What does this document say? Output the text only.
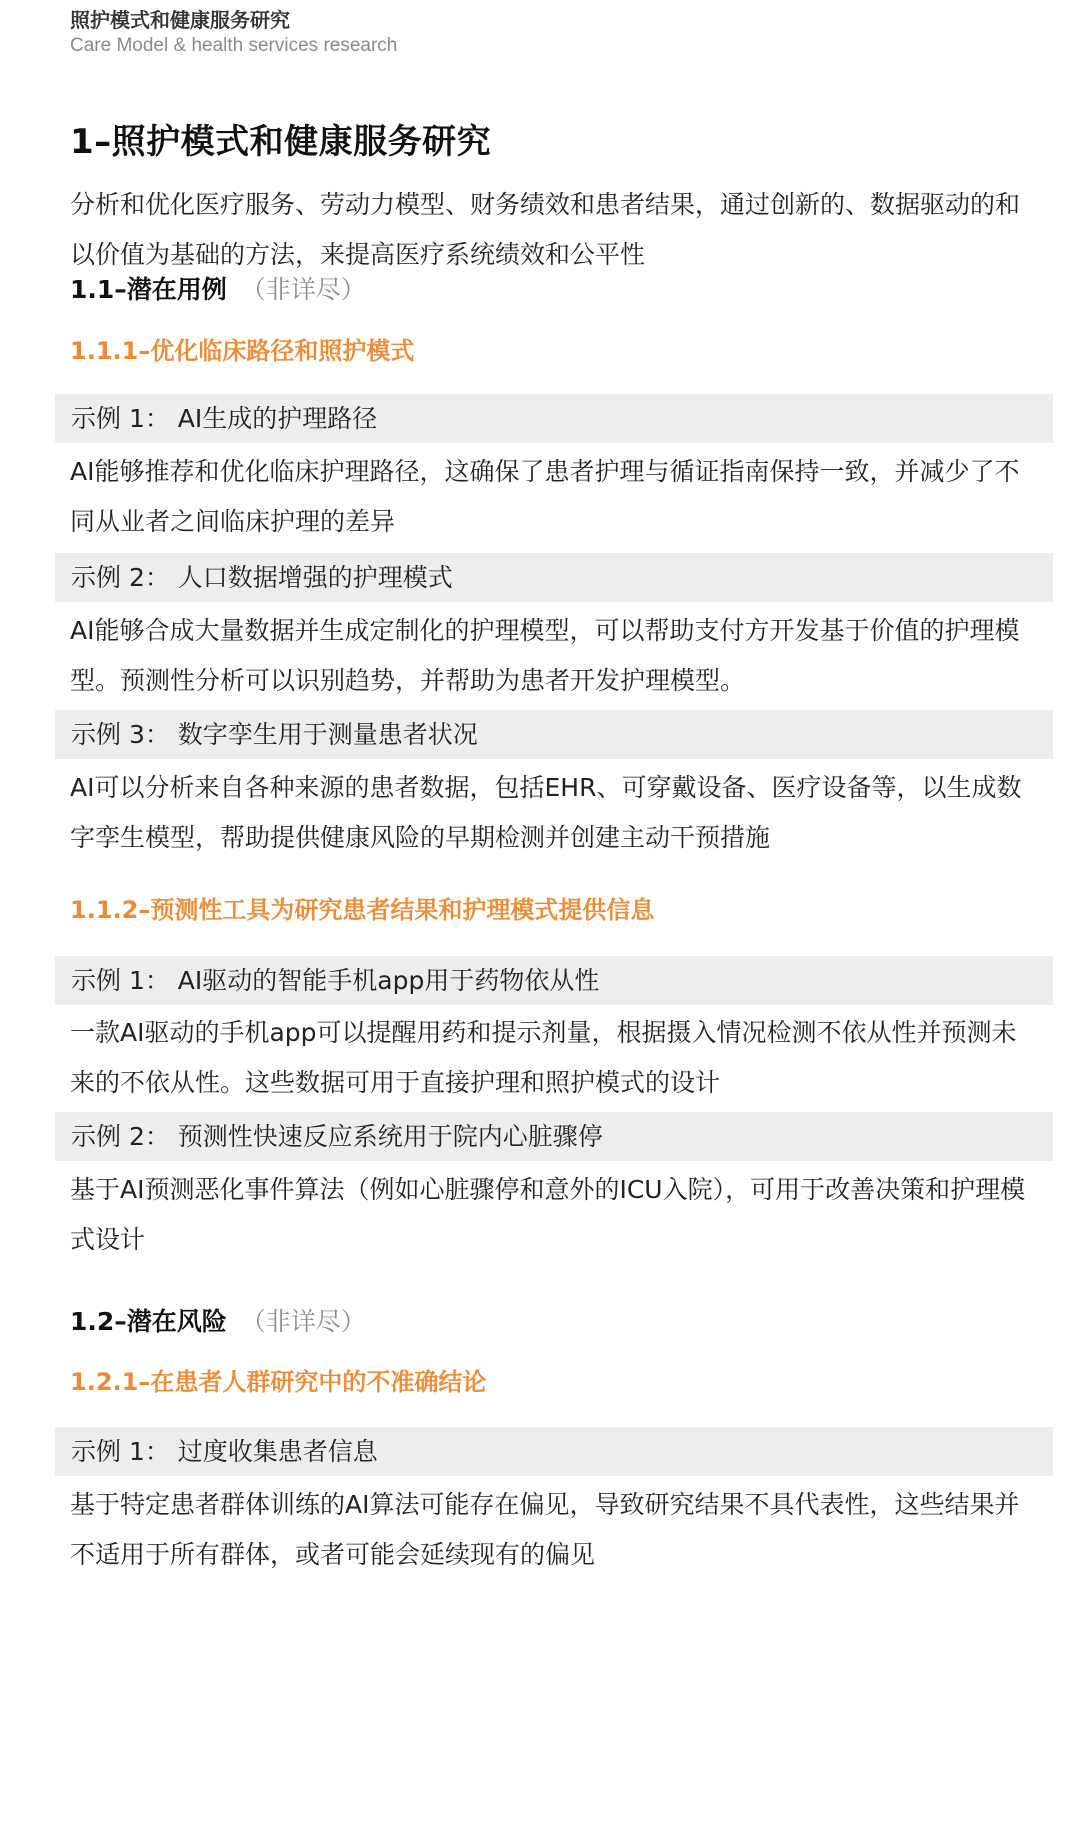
照护模式和健康服务研究
Care Model & health services research
1–照护模式和健康服务研究
分析和优化医疗服务、劳动力模型、财务绩效和患者结果，通过创新的、数据驱动的和以价值为基础的方法，来提高医疗系统绩效和公平性
1.1–潜在用例 （非详尽）
1.1.1–优化临床路径和照护模式
示例 1： AI生成的护理路径
AI能够推荐和优化临床护理路径，这确保了患者护理与循证指南保持一致，并减少了不同从业者之间临床护理的差异
示例 2： 人口数据增强的护理模式
AI能够合成大量数据并生成定制化的护理模型，可以帮助支付方开发基于价值的护理模型。预测性分析可以识别趋势，并帮助为患者开发护理模型。
示例 3： 数字孪生用于测量患者状况
AI可以分析来自各种来源的患者数据，包括EHR、可穿戴设备、医疗设备等，以生成数字孪生模型，帮助提供健康风险的早期检测并创建主动干预措施
1.1.2–预测性工具为研究患者结果和护理模式提供信息
示例 1： AI驱动的智能手机app用于药物依从性
一款AI驱动的手机app可以提醒用药和提示剂量，根据摄入情况检测不依从性并预测未来的不依从性。这些数据可用于直接护理和照护模式的设计
示例 2： 预测性快速反应系统用于院内心脏骤停
基于AI预测恶化事件算法（例如心脏骤停和意外的ICU入院），可用于改善决策和护理模式设计
1.2–潜在风险 （非详尽）
1.2.1–在患者人群研究中的不准确结论
示例 1： 过度收集患者信息
基于特定患者群体训练的AI算法可能存在偏见，导致研究结果不具代表性，这些结果并不适用于所有群体，或者可能会延续现有的偏见
